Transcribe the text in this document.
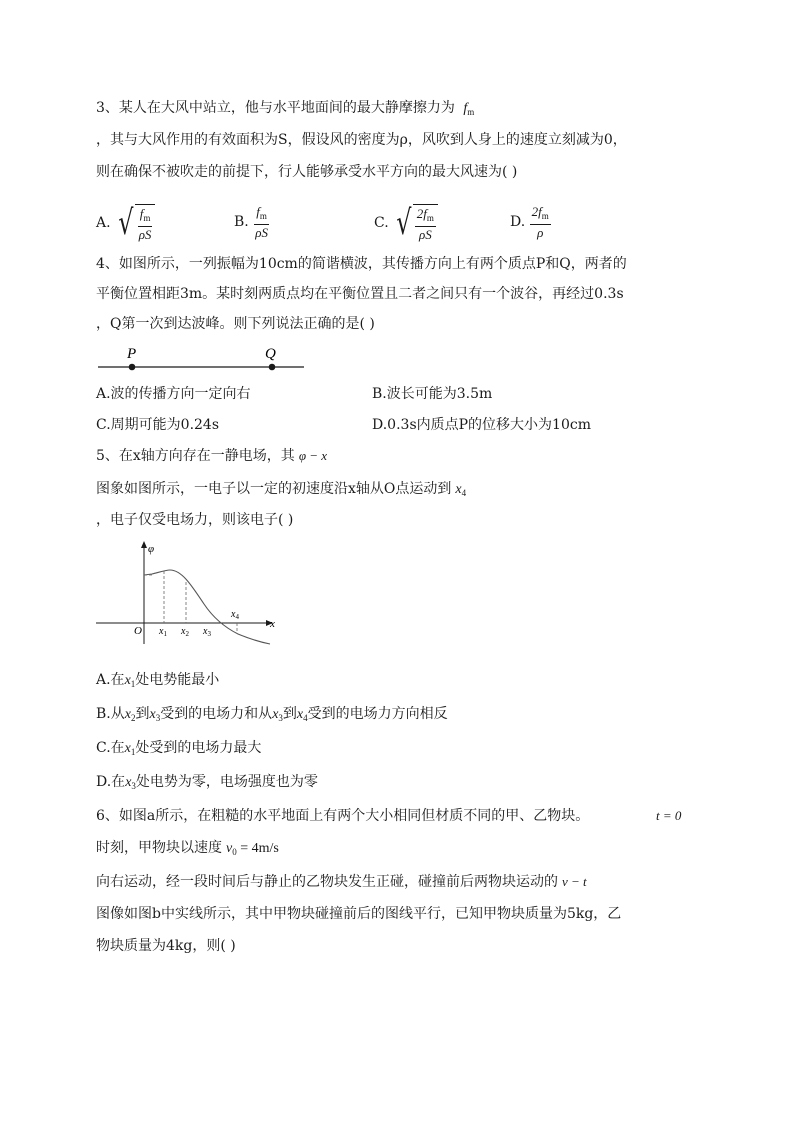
3、某人在大风中站立，他与水平地面间的最大静摩擦力为 $f_m$
，其与大风作用的有效面积为S，假设风的密度为ρ，风吹到人身上的速度立刻减为0，
则在确保不被吹走的前提下，行人能够承受水平方向的最大风速为( )
A. √ $\frac{f_m}{\rho S}$	B. $\frac{f_m}{\rho S}$	C. √ $\frac{2f_m}{\rho S}$	D. $\frac{2f_m}{\rho}$
4、如图所示，一列振幅为10cm的简谐横波，其传播方向上有两个质点P和Q，两者的
平衡位置相距3m。某时刻两质点均在平衡位置且二者之间只有一个波谷，再经过0.3s
，Q第一次到达波峰。则下列说法正确的是( )
P	Q
A.波的传播方向一定向右	B.波长可能为3.5m
C.周期可能为0.24s	D.0.3s内质点P的位移大小为10cm
5、在x轴方向存在一静电场，其 φ − x
图象如图所示，一电子以一定的初速度沿x轴从O点运动到 $x_4$
，电子仅受电场力，则该电子( )
φ
x
O $x_1$ $x_2$ $x_3$
$x_4$
A.在$x_1$处电势能最小
B.从$x_2$到$x_3$受到的电场力和从$x_3$到$x_4$受到的电场力方向相反
C.在$x_1$处受到的电场力最大
D.在$x_3$处电势为零，电场强度也为零
6、如图a所示，在粗糙的水平地面上有两个大小相同但材质不同的甲、乙物块。	t = 0
时刻，甲物块以速度 $v_0 = 4m/s$
向右运动，经一段时间后与静止的乙物块发生正碰，碰撞前后两物块运动的 v − t
图像如图b中实线所示，其中甲物块碰撞前后的图线平行，已知甲物块质量为5kg，乙
物块质量为4kg，则( )
